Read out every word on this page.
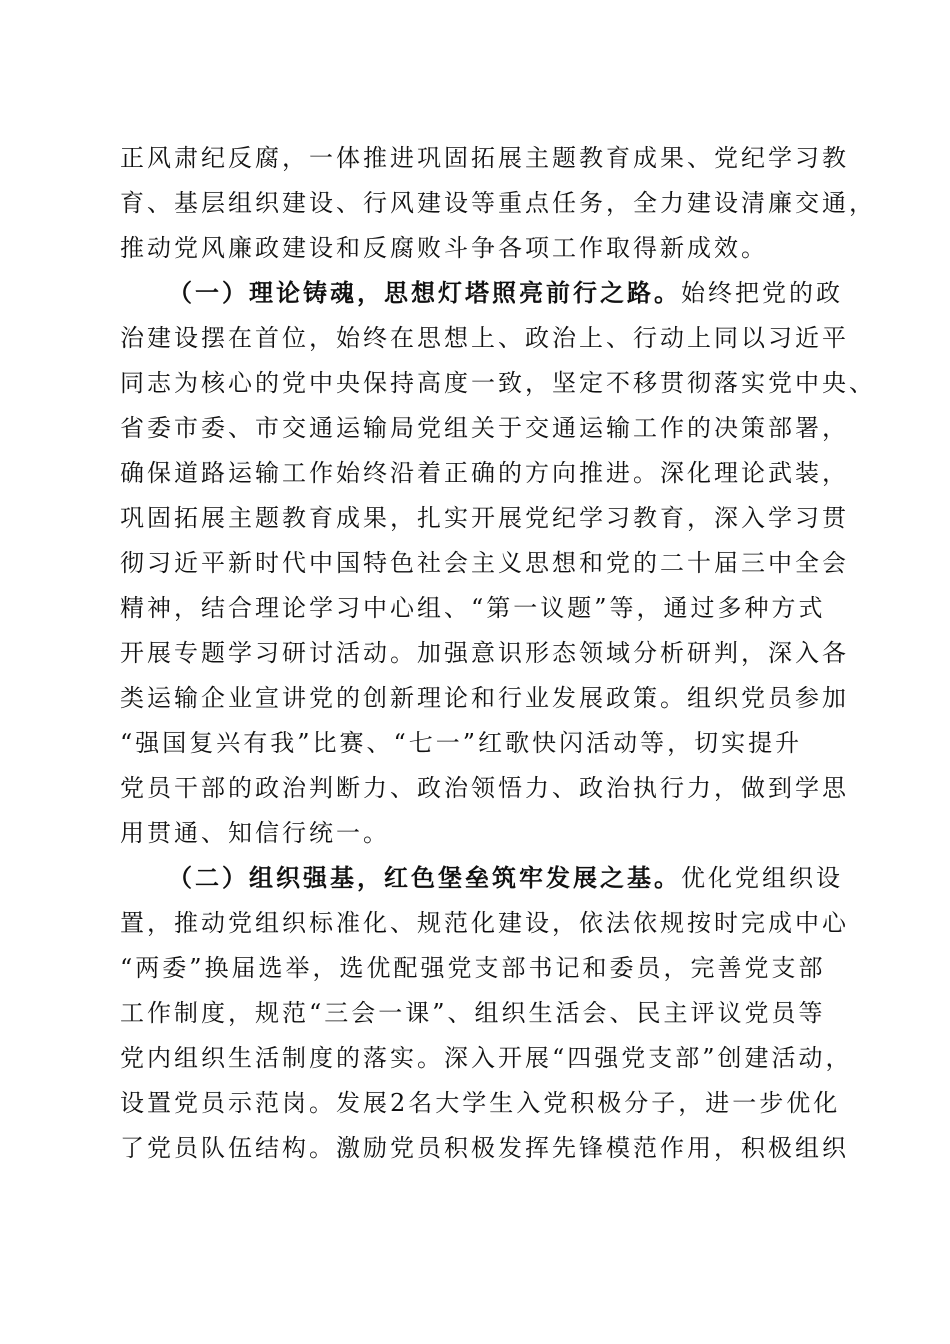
正风肃纪反腐，一体推进巩固拓展主题教育成果、党纪学习教
育、基层组织建设、行风建设等重点任务，全力建设清廉交通，
推动党风廉政建设和反腐败斗争各项工作取得新成效。
（一）理论铸魂，思想灯塔照亮前行之路。始终把党的政
治建设摆在首位，始终在思想上、政治上、行动上同以习近平
同志为核心的党中央保持高度一致，坚定不移贯彻落实党中央、
省委市委、市交通运输局党组关于交通运输工作的决策部署，
确保道路运输工作始终沿着正确的方向推进。深化理论武装，
巩固拓展主题教育成果，扎实开展党纪学习教育，深入学习贯
彻习近平新时代中国特色社会主义思想和党的二十届三中全会
精神，结合理论学习中心组、“第一议题”等，通过多种方式
开展专题学习研讨活动。加强意识形态领域分析研判，深入各
类运输企业宣讲党的创新理论和行业发展政策。组织党员参加
“强国复兴有我”比赛、“七一”红歌快闪活动等，切实提升
党员干部的政治判断力、政治领悟力、政治执行力，做到学思
用贯通、知信行统一。
（二）组织强基，红色堡垒筑牢发展之基。优化党组织设
置，推动党组织标准化、规范化建设，依法依规按时完成中心
“两委”换届选举，选优配强党支部书记和委员，完善党支部
工作制度，规范“三会一课”、组织生活会、民主评议党员等
党内组织生活制度的落实。深入开展“四强党支部”创建活动，
设置党员示范岗。发展2名大学生入党积极分子，进一步优化
了党员队伍结构。激励党员积极发挥先锋模范作用，积极组织
